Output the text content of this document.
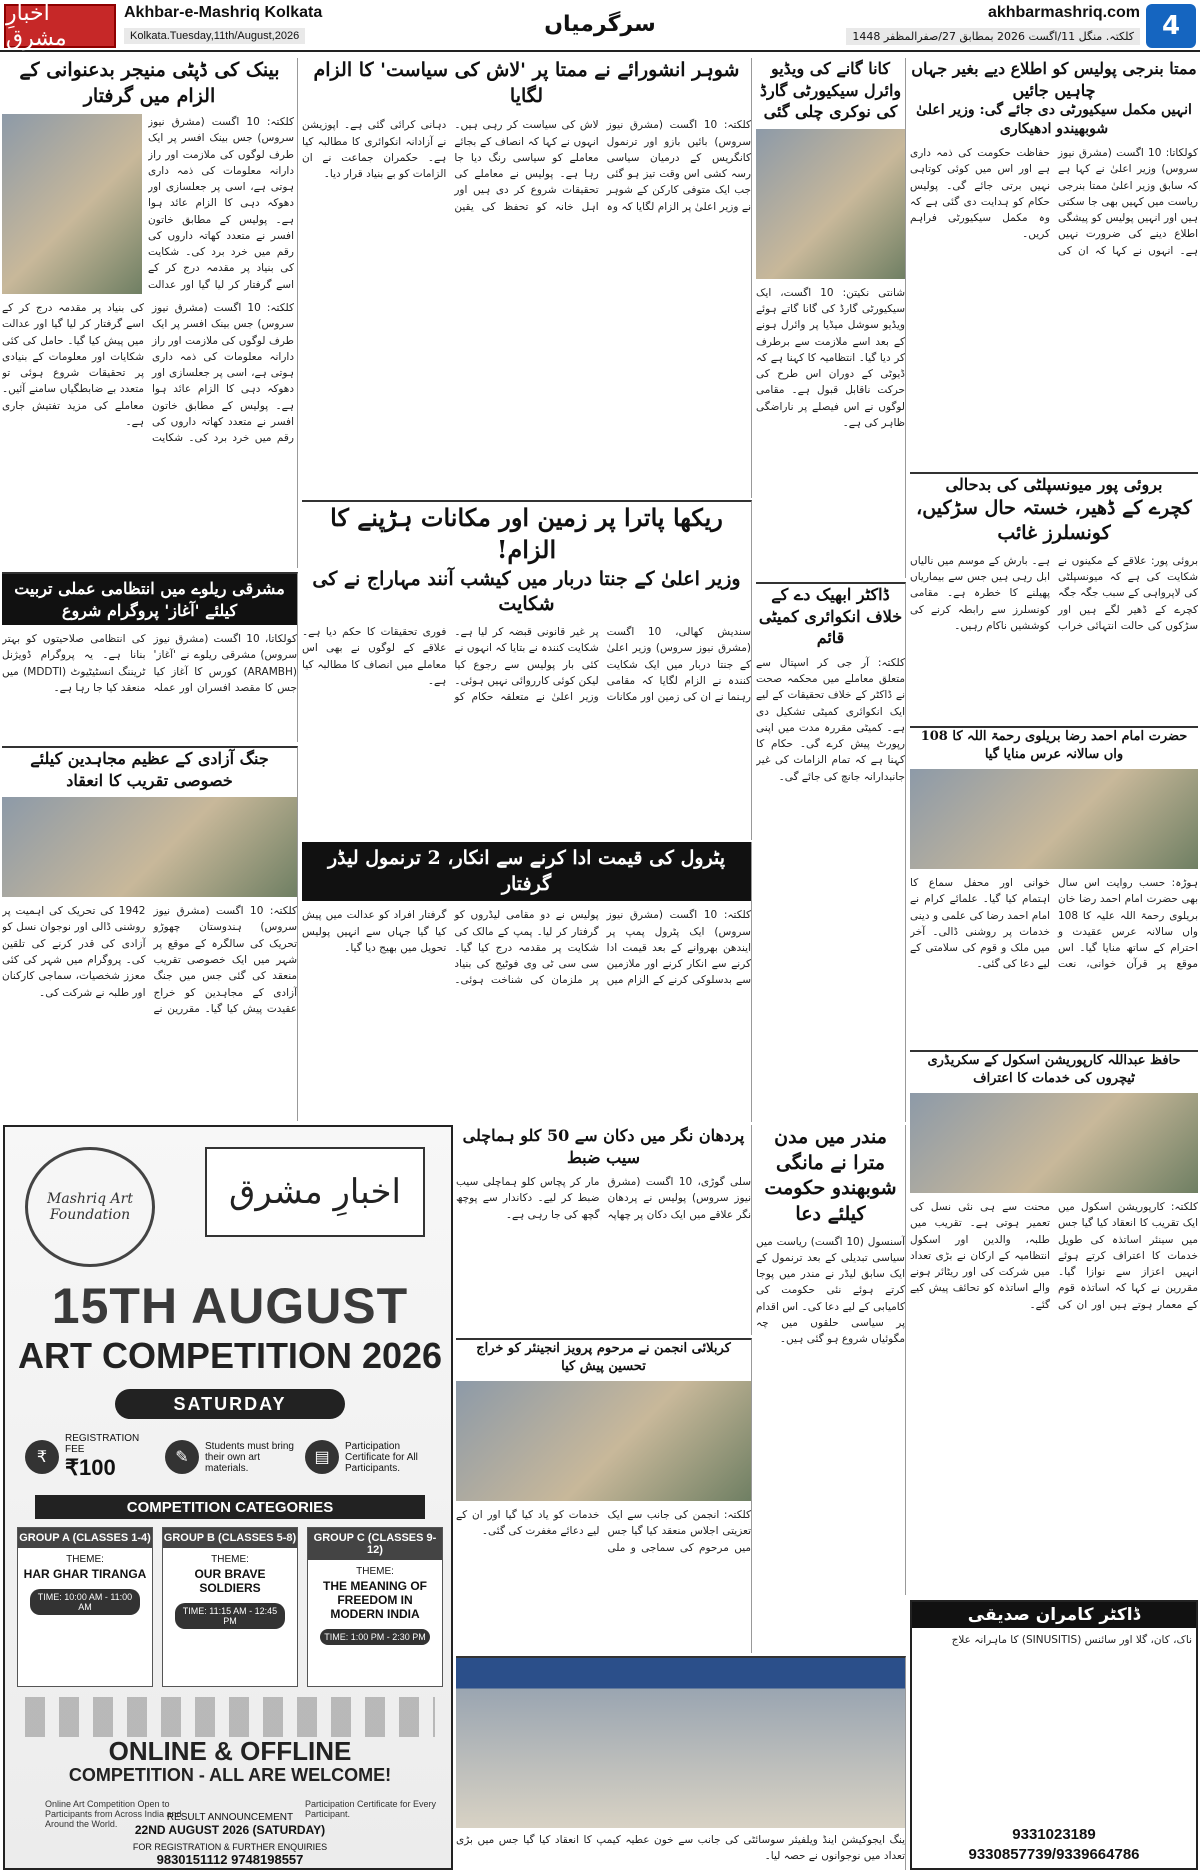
اخبارِ مشرق
Akhbar-e-Mashriq Kolkata
Kolkata.Tuesday,11th/August,2026	سرگرمیاں	akhbarmashriq.com
کلکتہ. منگل 11/اگست 2026 بمطابق 27/صفرالمظفر 1448	4
بینک کی ڈپٹی منیجر بدعنوانی کے الزام میں گرفتار
کلکتہ: 10 اگست (مشرق نیوز سروس) جس بینک افسر پر ایک طرف لوگوں کی ملازمت اور راز دارانہ معلومات کی ذمہ داری ہوتی ہے، اسی پر جعلسازی اور دھوکہ دہی کا الزام عائد ہوا ہے۔ پولیس کے مطابق خاتون افسر نے متعدد کھاتہ داروں کی رقم میں خرد برد کی۔ شکایت کی بنیاد پر مقدمہ درج کر کے اسے گرفتار کر لیا گیا اور عدالت
کلکتہ: 10 اگست (مشرق نیوز سروس) جس بینک افسر پر ایک طرف لوگوں کی ملازمت اور راز دارانہ معلومات کی ذمہ داری ہوتی ہے، اسی پر جعلسازی اور دھوکہ دہی کا الزام عائد ہوا ہے۔ پولیس کے مطابق خاتون افسر نے متعدد کھاتہ داروں کی رقم میں خرد برد کی۔ شکایت کی بنیاد پر مقدمہ درج کر کے اسے گرفتار کر لیا گیا اور عدالت میں پیش کیا گیا۔ حامل کی کئی شکایات اور معلومات کے بنیادی پر تحقیقات شروع ہوئی تو متعدد بے ضابطگیاں سامنے آئیں۔ معاملے کی مزید تفتیش جاری ہے۔
مشرقی ریلوے میں انتظامی عملی تربیت کیلئے 'آغاز' پروگرام شروع
کولکاتا، 10 اگست (مشرق نیوز سروس) مشرقی ریلوے نے 'آغاز' (ARAMBH) کورس کا آغاز کیا جس کا مقصد افسران اور عملہ کی انتظامی صلاحیتوں کو بہتر بنانا ہے۔ یہ پروگرام ڈویژنل ٹریننگ انسٹیٹیوٹ (MDDTI) میں منعقد کیا جا رہا ہے۔
جنگ آزادی کے عظیم مجاہدین کیلئے خصوصی تقریب کا انعقاد
کلکتہ: 10 اگست (مشرق نیوز سروس) ہندوستان چھوڑو تحریک کی سالگرہ کے موقع پر شہر میں ایک خصوصی تقریب منعقد کی گئی جس میں جنگ آزادی کے مجاہدین کو خراج عقیدت پیش کیا گیا۔ مقررین نے 1942 کی تحریک کی اہمیت پر روشنی ڈالی اور نوجوان نسل کو آزادی کی قدر کرنے کی تلقین کی۔ پروگرام میں شہر کی کئی معزز شخصیات، سماجی کارکنان اور طلبہ نے شرکت کی۔
شوہر انشورائے نے ممتا پر 'لاش کی سیاست' کا الزام لگایا
کلکتہ: 10 اگست (مشرق نیوز سروس) بائیں بازو اور ترنمول کانگریس کے درمیان سیاسی رسہ کشی اس وقت تیز ہو گئی جب ایک متوفی کارکن کے شوہر نے وزیر اعلیٰ پر الزام لگایا کہ وہ لاش کی سیاست کر رہی ہیں۔ انہوں نے کہا کہ انصاف کے بجائے معاملے کو سیاسی رنگ دیا جا رہا ہے۔ پولیس نے معاملے کی تحقیقات شروع کر دی ہیں اور اہل خانہ کو تحفظ کی یقین دہانی کرائی گئی ہے۔ اپوزیشن نے آزادانہ انکوائری کا مطالبہ کیا ہے۔ حکمران جماعت نے ان الزامات کو بے بنیاد قرار دیا۔
ریکھا پاترا پر زمین اور مکانات ہڑپنے کا الزام!
وزیر اعلیٰ کے جنتا دربار میں کیشب آنند مہاراج نے کی شکایت
سندیش کھالی، 10 اگست (مشرق نیوز سروس) وزیر اعلیٰ کے جنتا دربار میں ایک شکایت کنندہ نے الزام لگایا کہ مقامی رہنما نے ان کی زمین اور مکانات پر غیر قانونی قبضہ کر لیا ہے۔ شکایت کنندہ نے بتایا کہ انہوں نے کئی بار پولیس سے رجوع کیا لیکن کوئی کارروائی نہیں ہوئی۔ وزیر اعلیٰ نے متعلقہ حکام کو فوری تحقیقات کا حکم دیا ہے۔ علاقے کے لوگوں نے بھی اس معاملے میں انصاف کا مطالبہ کیا ہے۔
پٹرول کی قیمت ادا کرنے سے انکار، 2 ترنمول لیڈر گرفتار
کلکتہ: 10 اگست (مشرق نیوز سروس) ایک پٹرول پمپ پر ایندھن بھروانے کے بعد قیمت ادا کرنے سے انکار کرنے اور ملازمین سے بدسلوکی کرنے کے الزام میں پولیس نے دو مقامی لیڈروں کو گرفتار کر لیا۔ پمپ کے مالک کی شکایت پر مقدمہ درج کیا گیا۔ سی سی ٹی وی فوٹیج کی بنیاد پر ملزمان کی شناخت ہوئی۔ گرفتار افراد کو عدالت میں پیش کیا گیا جہاں سے انہیں پولیس تحویل میں بھیج دیا گیا۔
کانا گانے کی ویڈیو وائرل سیکیورٹی گارڈ کی نوکری چلی گئی
شانتی نکیتن: 10 اگست، ایک سیکیورٹی گارڈ کی گانا گاتے ہوئے ویڈیو سوشل میڈیا پر وائرل ہونے کے بعد اسے ملازمت سے برطرف کر دیا گیا۔ انتظامیہ کا کہنا ہے کہ ڈیوٹی کے دوران اس طرح کی حرکت ناقابل قبول ہے۔ مقامی لوگوں نے اس فیصلے پر ناراضگی ظاہر کی ہے۔
ڈاکٹر ابھیک دے کے خلاف انکوائری کمیٹی قائم
کلکتہ: آر جی کر اسپتال سے متعلق معاملے میں محکمہ صحت نے ڈاکٹر کے خلاف تحقیقات کے لیے ایک انکوائری کمیٹی تشکیل دی ہے۔ کمیٹی مقررہ مدت میں اپنی رپورٹ پیش کرے گی۔ حکام کا کہنا ہے کہ تمام الزامات کی غیر جانبدارانہ جانچ کی جائے گی۔
ممتا بنرجی پولیس کو اطلاع دیے بغیر جہاں چاہیں جائیں
انہیں مکمل سیکیورٹی دی جائے گی: وزیر اعلیٰ شوبھیندو ادھیکاری
کولکاتا: 10 اگست (مشرق نیوز سروس) وزیر اعلیٰ نے کہا ہے کہ سابق وزیر اعلیٰ ممتا بنرجی ریاست میں کہیں بھی جا سکتی ہیں اور انہیں پولیس کو پیشگی اطلاع دینے کی ضرورت نہیں ہے۔ انہوں نے کہا کہ ان کی حفاظت حکومت کی ذمہ داری ہے اور اس میں کوئی کوتاہی نہیں برتی جائے گی۔ پولیس حکام کو ہدایت دی گئی ہے کہ وہ مکمل سیکیورٹی فراہم کریں۔
بروئی پور میونسپلٹی کی بدحالی
کچرے کے ڈھیر، خستہ حال سڑکیں، کونسلرز غائب
بروئی پور: علاقے کے مکینوں نے شکایت کی ہے کہ میونسپلٹی کی لاپرواہی کے سبب جگہ جگہ کچرے کے ڈھیر لگے ہیں اور سڑکوں کی حالت انتہائی خراب ہے۔ بارش کے موسم میں نالیاں ابل رہی ہیں جس سے بیماریاں پھیلنے کا خطرہ ہے۔ مقامی کونسلرز سے رابطہ کرنے کی کوششیں ناکام رہیں۔
حضرت امام احمد رضا بریلوی رحمۃ اللہ کا 108 واں سالانہ عرس منایا گیا
ہوڑہ: حسب روایت اس سال بھی حضرت امام احمد رضا خان بریلوی رحمۃ اللہ علیہ کا 108 واں سالانہ عرس عقیدت و احترام کے ساتھ منایا گیا۔ اس موقع پر قرآن خوانی، نعت خوانی اور محفل سماع کا اہتمام کیا گیا۔ علمائے کرام نے امام احمد رضا کی علمی و دینی خدمات پر روشنی ڈالی۔ آخر میں ملک و قوم کی سلامتی کے لیے دعا کی گئی۔
حافظ عبداللہ کارپوریشن اسکول کے سکریڈری ٹیچروں کی خدمات کا اعتراف
کلکتہ: کارپوریشن اسکول میں ایک تقریب کا انعقاد کیا گیا جس میں سینئر اساتذہ کی طویل خدمات کا اعتراف کرتے ہوئے انہیں اعزاز سے نوازا گیا۔ مقررین نے کہا کہ اساتذہ قوم کے معمار ہوتے ہیں اور ان کی محنت سے ہی نئی نسل کی تعمیر ہوتی ہے۔ تقریب میں طلبہ، والدین اور اسکول انتظامیہ کے ارکان نے بڑی تعداد میں شرکت کی اور ریٹائر ہونے والے اساتذہ کو تحائف پیش کیے گئے۔
پردھان نگر میں دکان سے 50 کلو ہماچلی سیب ضبط
سلی گوڑی، 10 اگست (مشرق نیوز سروس) پولیس نے پردھان نگر علاقے میں ایک دکان پر چھاپہ مار کر پچاس کلو ہماچلی سیب ضبط کر لیے۔ دکاندار سے پوچھ گچھ کی جا رہی ہے۔
مندر میں مدن مترا نے مانگی شوبھندو حکومت کیلئے دعا
آسنسول (10 اگست) ریاست میں سیاسی تبدیلی کے بعد ترنمول کے ایک سابق لیڈر نے مندر میں پوجا کرتے ہوئے نئی حکومت کی کامیابی کے لیے دعا کی۔ اس اقدام پر سیاسی حلقوں میں چہ مگوئیاں شروع ہو گئی ہیں۔
کربلائی انجمن نے مرحوم پرویز انجینئر کو خراج تحسین پیش کیا
کلکتہ: انجمن کی جانب سے ایک تعزیتی اجلاس منعقد کیا گیا جس میں مرحوم کی سماجی و ملی خدمات کو یاد کیا گیا اور ان کے لیے دعائے مغفرت کی گئی۔
ینگ ایجوکیشن اینڈ ویلفیئر سوسائٹی کی جانب سے خون عطیہ کیمپ کا انعقاد کیا گیا جس میں بڑی تعداد میں نوجوانوں نے حصہ لیا۔
Mashriq Art Foundation
اخبارِ مشرق
15TH AUGUST
ART COMPETITION 2026
SATURDAY
₹
REGISTRATION FEE
₹100	✎
Students must bring their own art materials.
▤
Participation Certificate for All Participants.
COMPETITION CATEGORIES
GROUP A (CLASSES 1-4)
THEME:
HAR GHAR TIRANGA
TIME: 10:00 AM - 11:00 AM
GROUP B (CLASSES 5-8)
THEME:
OUR BRAVE SOLDIERS
TIME: 11:15 AM - 12:45 PM
GROUP C (CLASSES 9-12)
THEME:
THE MEANING OF FREEDOM IN MODERN INDIA
TIME: 1:00 PM - 2:30 PM
ONLINE & OFFLINE
COMPETITION - ALL ARE WELCOME!
Online Art Competition Open to Participants from Across India and Around the World.
Participation Certificate for Every Participant.
RESULT ANNOUNCEMENT
22ND AUGUST 2026 (SATURDAY)
FOR REGISTRATION & FURTHER ENQUIRIES
9830151112 9748198557
ڈاکٹر کامران صدیقی
ناک، کان، گلا اور سائنس (SINUSITIS) کا ماہرانہ علاج
9331023189
9330857739/9339664786
